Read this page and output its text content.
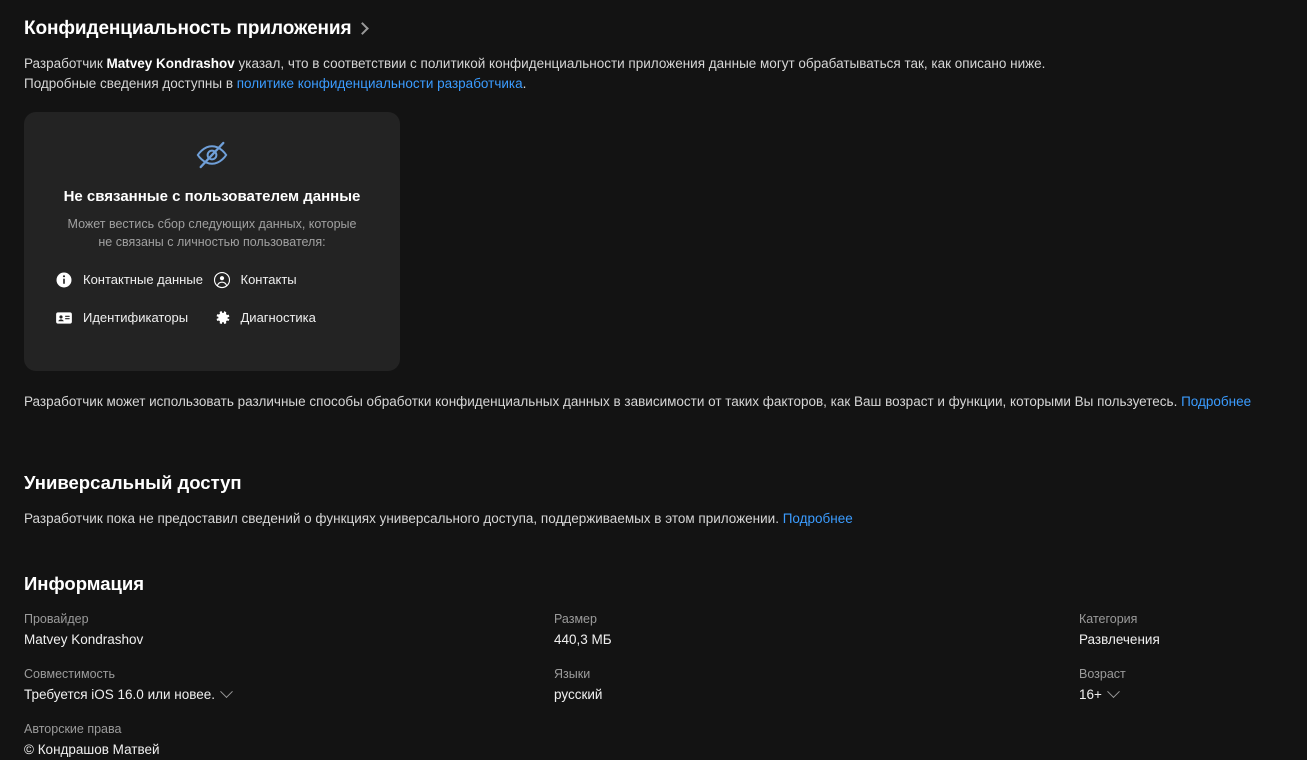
Конфиденциальность приложения

Разработчик Matvey Kondrashov указал, что в соответствии с политикой конфиденциальности приложения данные могут обрабатываться так, как описано ниже. Подробные сведения доступны в политике конфиденциальности разработчика.

Не связанные с пользователем данные
Может вестись сбор следующих данных, которые не связаны с личностью пользователя:
Контактные данные	Контакты
Идентификаторы	Диагностика

Разработчик может использовать различные способы обработки конфиденциальных данных в зависимости от таких факторов, как Ваш возраст и функции, которыми Вы пользуетесь. Подробнее

Универсальный доступ

Разработчик пока не предоставил сведений о функциях универсального доступа, поддерживаемых в этом приложении. Подробнее

Информация
Провайдер
Matvey Kondrashov
Размер
440,3 МБ
Категория
Развлечения
Совместимость
Требуется iOS 16.0 или новее.
Языки
русский
Возраст
16+
Авторские права
© Кондрашов Матвей
